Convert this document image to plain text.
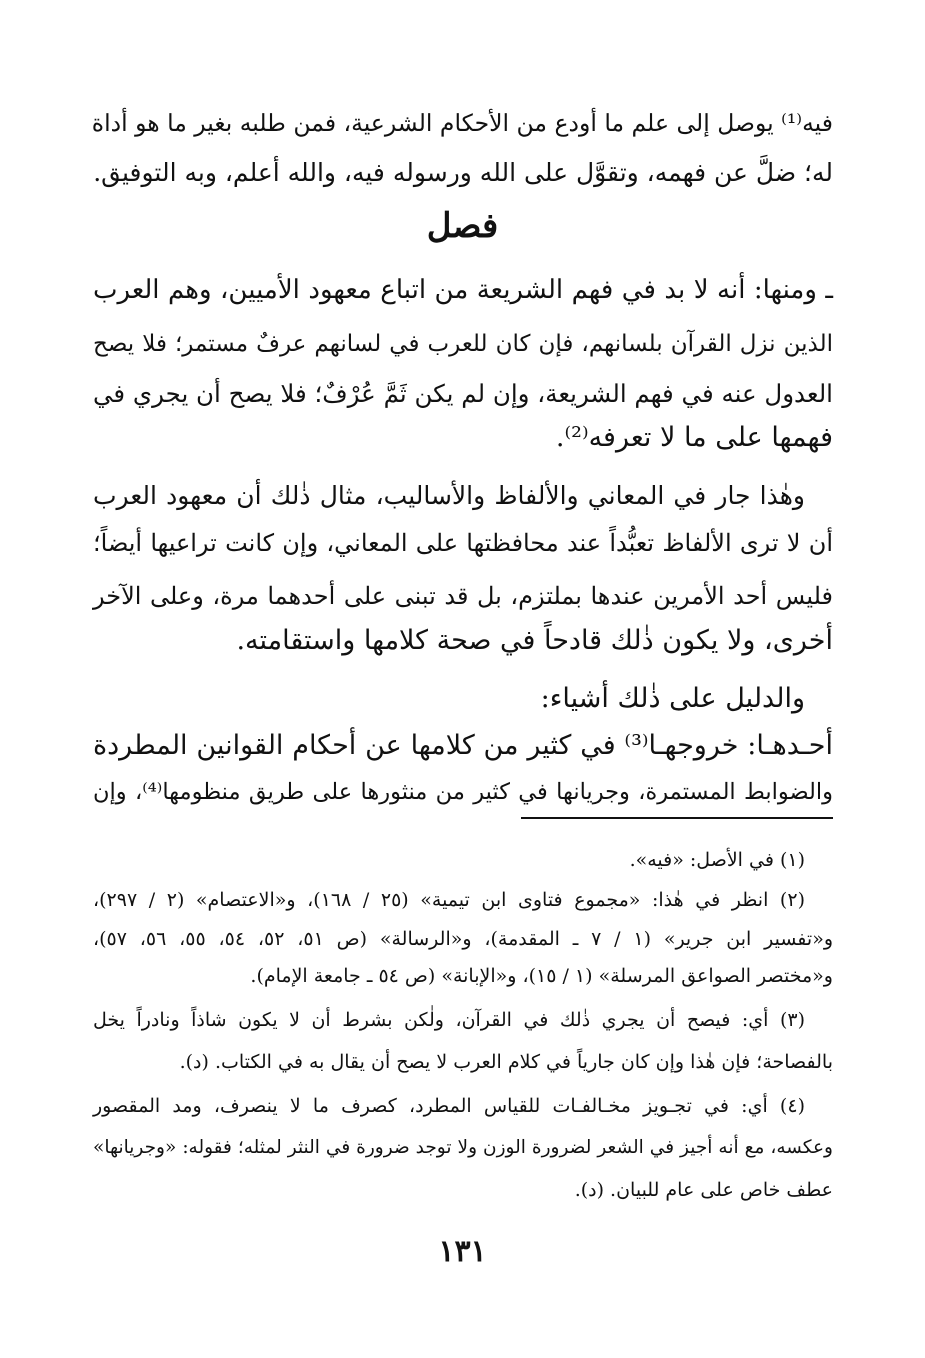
فيه⁽¹⁾ يوصل إلى علم ما أودع من الأحكام الشرعية، فمن طلبه بغير ما هو أداة
له؛ ضلَّ عن فهمه، وتقوَّل على الله ورسوله فيه، والله أعلم، وبه التوفيق.
فصل
ـ ومنها: أنه لا بد في فهم الشريعة من اتباع معهود الأميين، وهم العرب
الذين نزل القرآن بلسانهم، فإن كان للعرب في لسانهم عرفٌ مستمر؛ فلا يصح
العدول عنه في فهم الشريعة، وإن لم يكن ثَمَّ عُرْفٌ؛ فلا يصح أن يجري في
فهمها على ما لا تعرفه⁽²⁾.
وهٰذا جار في المعاني والألفاظ والأساليب، مثال ذٰلك أن معهود العرب
أن لا ترى الألفاظ تعبُّداً عند محافظتها على المعاني، وإن كانت تراعيها أيضاً؛
فليس أحد الأمرين عندها بملتزم، بل قد تبنى على أحدهما مرة، وعلى الآخر
أخرى، ولا يكون ذٰلك قادحاً في صحة كلامها واستقامته.
والدليل على ذٰلك أشياء:
أحـدهـا: خروجهـا⁽³⁾ في كثير من كلامها عن أحكام القوانين المطردة
والضوابط المستمرة، وجريانها في كثير من منثورها على طريق منظومها⁽⁴⁾، وإن
(١) في الأصل: «فيه».
(٢) انظر في هٰذا: «مجموع فتاوى ابن تيمية» (٢٥ / ١٦٨)، و«الاعتصام» (٢ / ٢٩٧)،
و«تفسير ابن جرير» (١ / ٧ ـ المقدمة)، و«الرسالة» (ص ٥١، ٥٢، ٥٤، ٥٥، ٥٦، ٥٧)،
و«مختصر الصواعق المرسلة» (١ / ١٥)، و«الإبانة» (ص ٥٤ ـ جامعة الإمام).
(٣) أي: فيصح أن يجري ذٰلك في القرآن، ولٰكن بشرط أن لا يكون شاذاً ونادراً يخل
بالفصاحة؛ فإن هٰذا وإن كان جارياً في كلام العرب لا يصح أن يقال به في الكتاب. (د).
(٤) أي: في تجـويز مخـالفـات للقياس المطرد، كصرف ما لا ينصرف، ومد المقصور
وعكسه، مع أنه أجيز في الشعر لضرورة الوزن ولا توجد ضرورة في النثر لمثله؛ فقوله: «وجريانها»
عطف خاص على عام للبيان. (د).
١٣١
